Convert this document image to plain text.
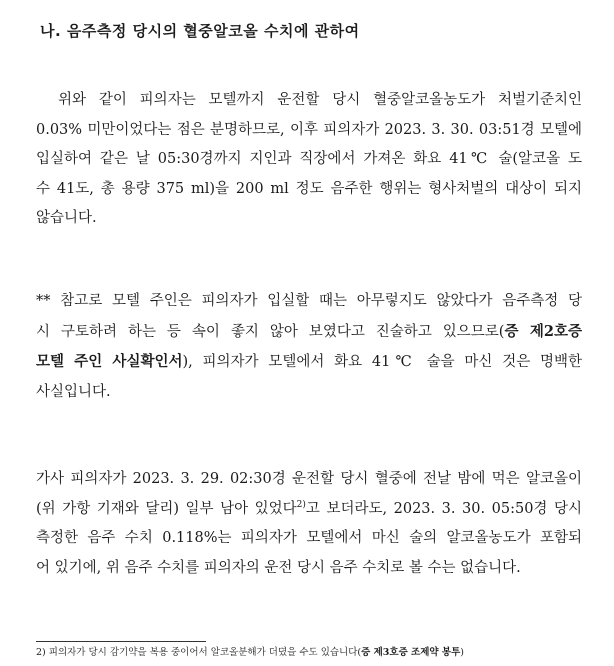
나. 음주측정 당시의 혈중알코올 수치에 관하여
위와 같이 피의자는 모텔까지 운전할 당시 혈중알코올농도가 처벌기준치인
0.03% 미만이었다는 점은 분명하므로, 이후 피의자가 2023. 3. 30. 03:51경 모텔에
입실하여 같은 날 05:30경까지 지인과 직장에서 가져온 화요 41℃ 술(알코올 도
수 41도, 총 용량 375 ml)을 200 ml 정도 음주한 행위는 형사처벌의 대상이 되지
않습니다.
** 참고로 모텔 주인은 피의자가 입실할 때는 아무렇지도 않았다가 음주측정 당
시 구토하려 하는 등 속이 좋지 않아 보였다고 진술하고 있으므로(증 제2호증
모텔 주인 사실확인서), 피의자가 모텔에서 화요 41℃ 술을 마신 것은 명백한
사실입니다.
가사 피의자가 2023. 3. 29. 02:30경 운전할 당시 혈중에 전날 밤에 먹은 알코올이
(위 가항 기재와 달리) 일부 남아 있었다$^{2)}$고 보더라도, 2023. 3. 30. 05:50경 당시
측정한 음주 수치 0.118%는 피의자가 모텔에서 마신 술의 알코올농도가 포함되
어 있기에, 위 음주 수치를 피의자의 운전 당시 음주 수치로 볼 수는 없습니다.
2) 피의자가 당시 감기약을 복용 중이어서 알코올분해가 더뎠을 수도 있습니다(증 제3호증 조제약 봉투)
